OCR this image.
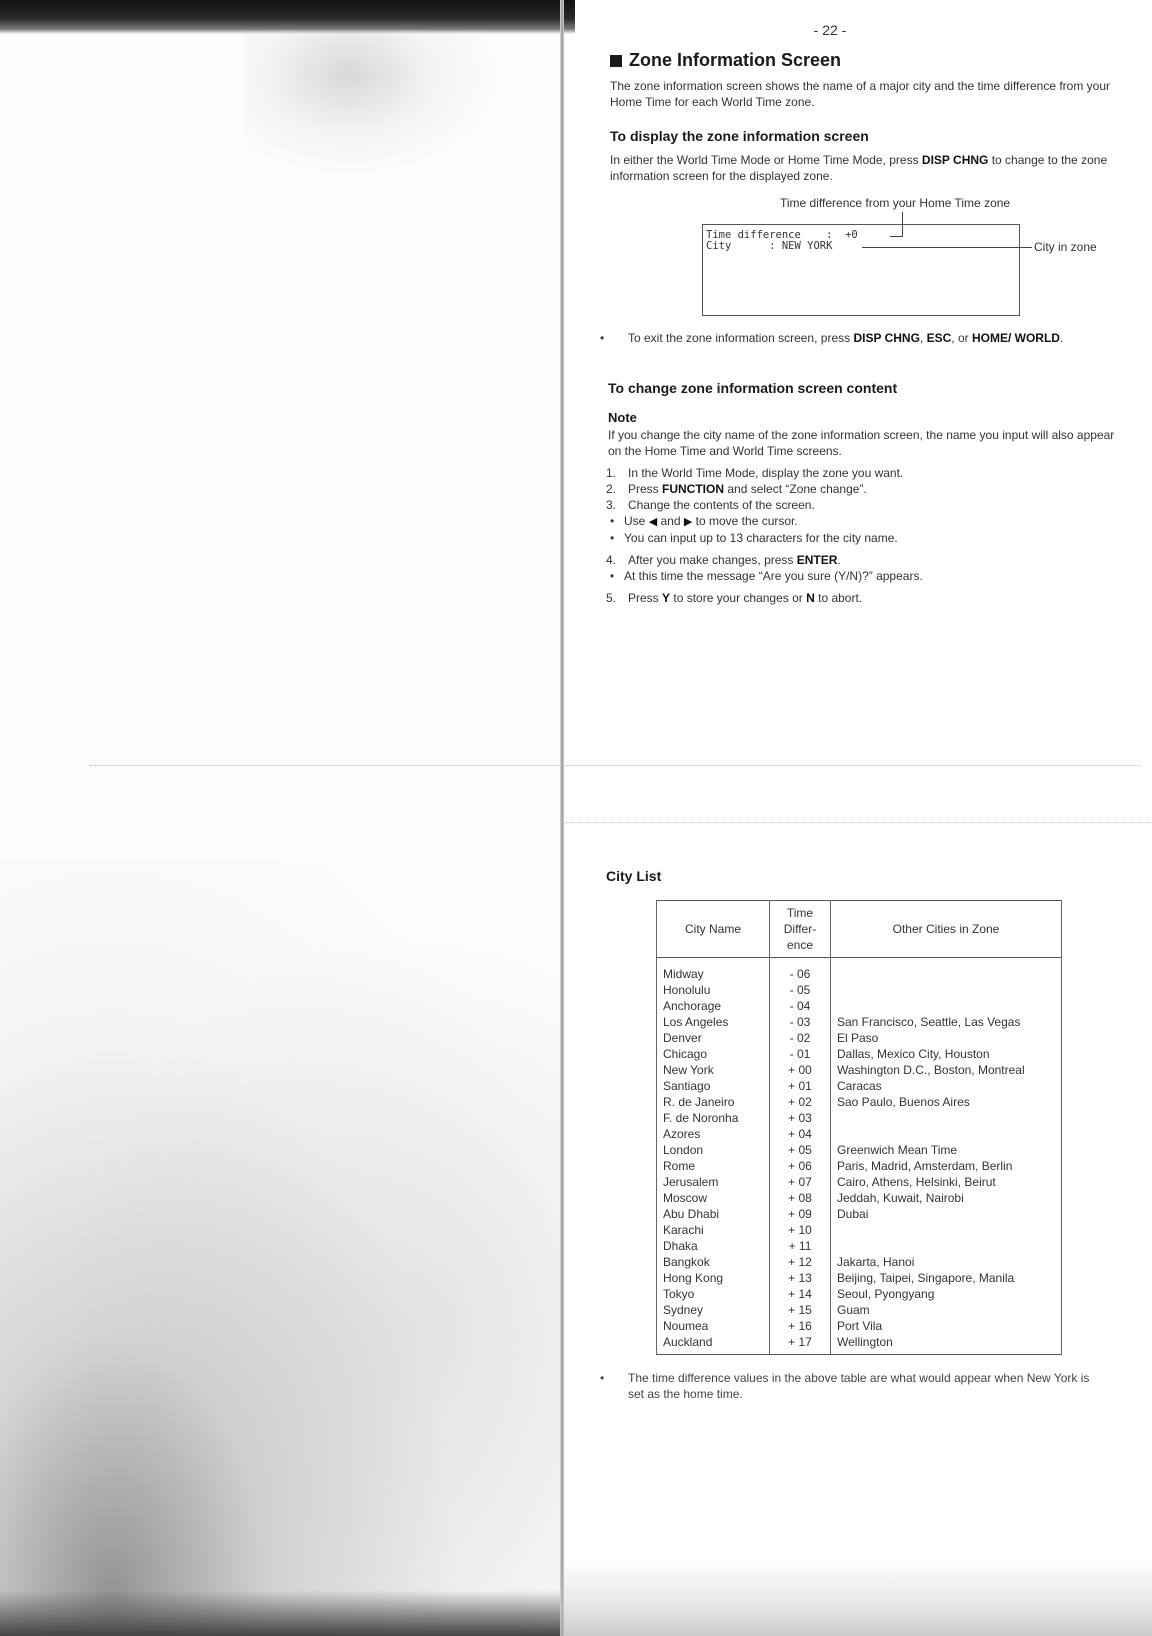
- 22 -
Zone Information Screen

The zone information screen shows the name of a major city and the time difference from your Home Time for each World Time zone.

To display the zone information screen

In either the World Time Mode or Home Time Mode, press DISP CHNG to change to the zone information screen for the displayed zone.

Time difference from your Home Time zone
Time difference    :  +0
City      : NEW YORK	City in zone
• To exit the zone information screen, press DISP CHNG, ESC, or HOME/ WORLD.
To change zone information screen content
Note

If you change the city name of the zone information screen, the name you input will also appear on the Home Time and World Time screens.

1. In the World Time Mode, display the zone you want.
2. Press FUNCTION and select “Zone change”.
3. Change the contents of the screen.
• Use ◀ and ▶ to move the cursor.
• You can input up to 13 characters for the city name.
4. After you make changes, press ENTER.
• At this time the message “Are you sure (Y/N)?” appears.
5. Press Y to store your changes or N to abort.
City List
City Name	Time
Differ-
ence	Other Cities in Zone

Midway	- 06	
Honolulu	- 05	
Anchorage	- 04	
Los Angeles	- 03	San Francisco, Seattle, Las Vegas
Denver	- 02	El Paso
Chicago	- 01	Dallas, Mexico City, Houston
New York	+ 00	Washington D.C., Boston, Montreal
Santiago	+ 01	Caracas
R. de Janeiro	+ 02	Sao Paulo, Buenos Aires
F. de Noronha	+ 03	
Azores	+ 04	
London	+ 05	Greenwich Mean Time
Rome	+ 06	Paris, Madrid, Amsterdam, Berlin
Jerusalem	+ 07	Cairo, Athens, Helsinki, Beirut
Moscow	+ 08	Jeddah, Kuwait, Nairobi
Abu Dhabi	+ 09	Dubai
Karachi	+ 10	
Dhaka	+ 11	
Bangkok	+ 12	Jakarta, Hanoi
Hong Kong	+ 13	Beijing, Taipei, Singapore, Manila
Tokyo	+ 14	Seoul, Pyongyang
Sydney	+ 15	Guam
Noumea	+ 16	Port Vila
Auckland	+ 17	Wellington

• The time difference values in the above table are what would appear when New York is set as the home time.
